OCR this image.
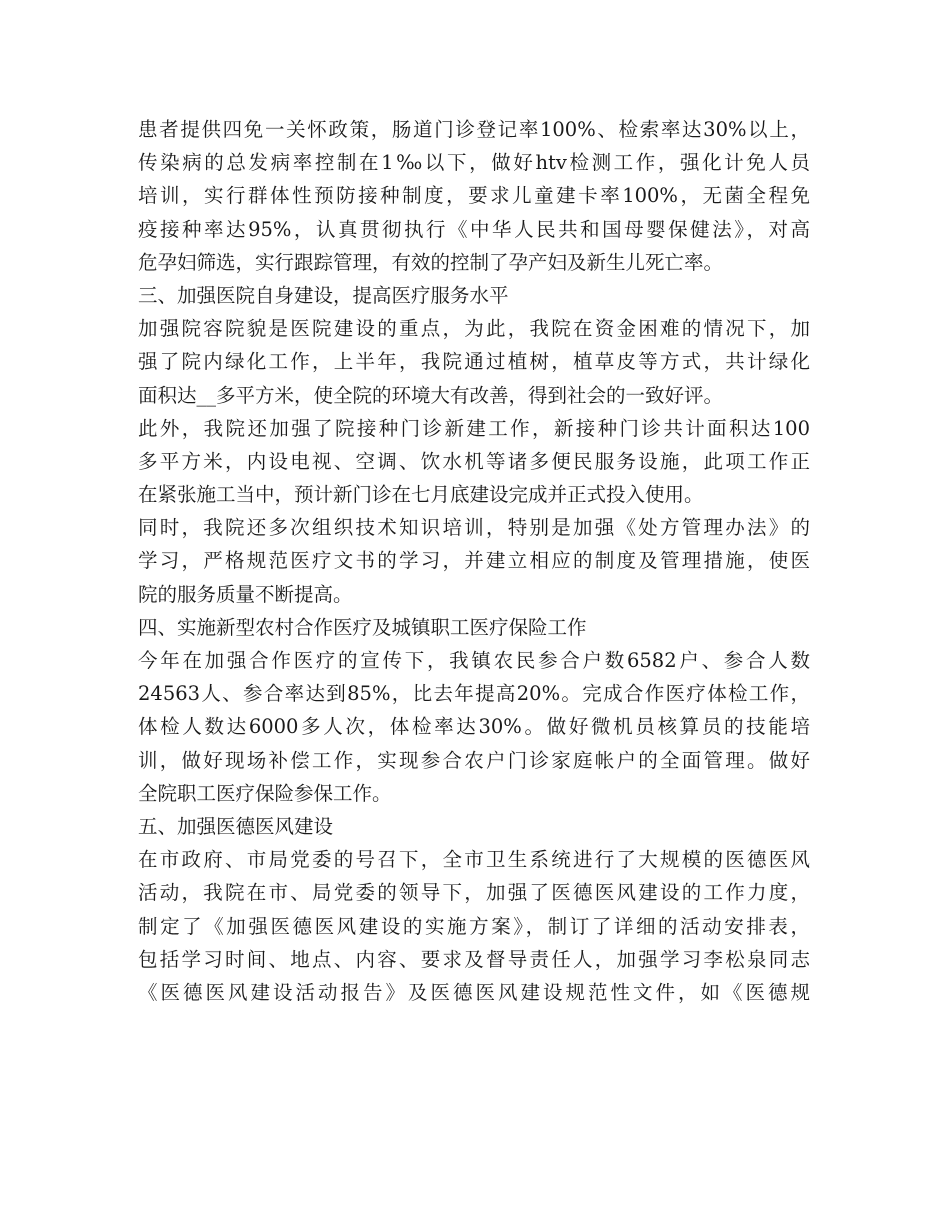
患者提供四免一关怀政策，肠道门诊登记率100%、检索率达30%以上，
传染病的总发病率控制在1‰以下，做好htv检测工作，强化计免人员
培训，实行群体性预防接种制度，要求儿童建卡率100%，无菌全程免
疫接种率达95%，认真贯彻执行《中华人民共和国母婴保健法》，对高
危孕妇筛选，实行跟踪管理，有效的控制了孕产妇及新生儿死亡率。
三、加强医院自身建设，提高医疗服务水平
加强院容院貌是医院建设的重点，为此，我院在资金困难的情况下，加
强了院内绿化工作，上半年，我院通过植树，植草皮等方式，共计绿化
面积达__多平方米，使全院的环境大有改善，得到社会的一致好评。
此外，我院还加强了院接种门诊新建工作，新接种门诊共计面积达100
多平方米，内设电视、空调、饮水机等诸多便民服务设施，此项工作正
在紧张施工当中，预计新门诊在七月底建设完成并正式投入使用。
同时，我院还多次组织技术知识培训，特别是加强《处方管理办法》的
学习，严格规范医疗文书的学习，并建立相应的制度及管理措施，使医
院的服务质量不断提高。
四、实施新型农村合作医疗及城镇职工医疗保险工作
今年在加强合作医疗的宣传下，我镇农民参合户数6582户、参合人数
24563人、参合率达到85%，比去年提高20%。完成合作医疗体检工作，
体检人数达6000多人次，体检率达30%。做好微机员核算员的技能培
训，做好现场补偿工作，实现参合农户门诊家庭帐户的全面管理。做好
全院职工医疗保险参保工作。
五、加强医德医风建设
在市政府、市局党委的号召下，全市卫生系统进行了大规模的医德医风
活动，我院在市、局党委的领导下，加强了医德医风建设的工作力度，
制定了《加强医德医风建设的实施方案》，制订了详细的活动安排表，
包括学习时间、地点、内容、要求及督导责任人，加强学习李松泉同志
《医德医风建设活动报告》及医德医风建设规范性文件，如《医德规
